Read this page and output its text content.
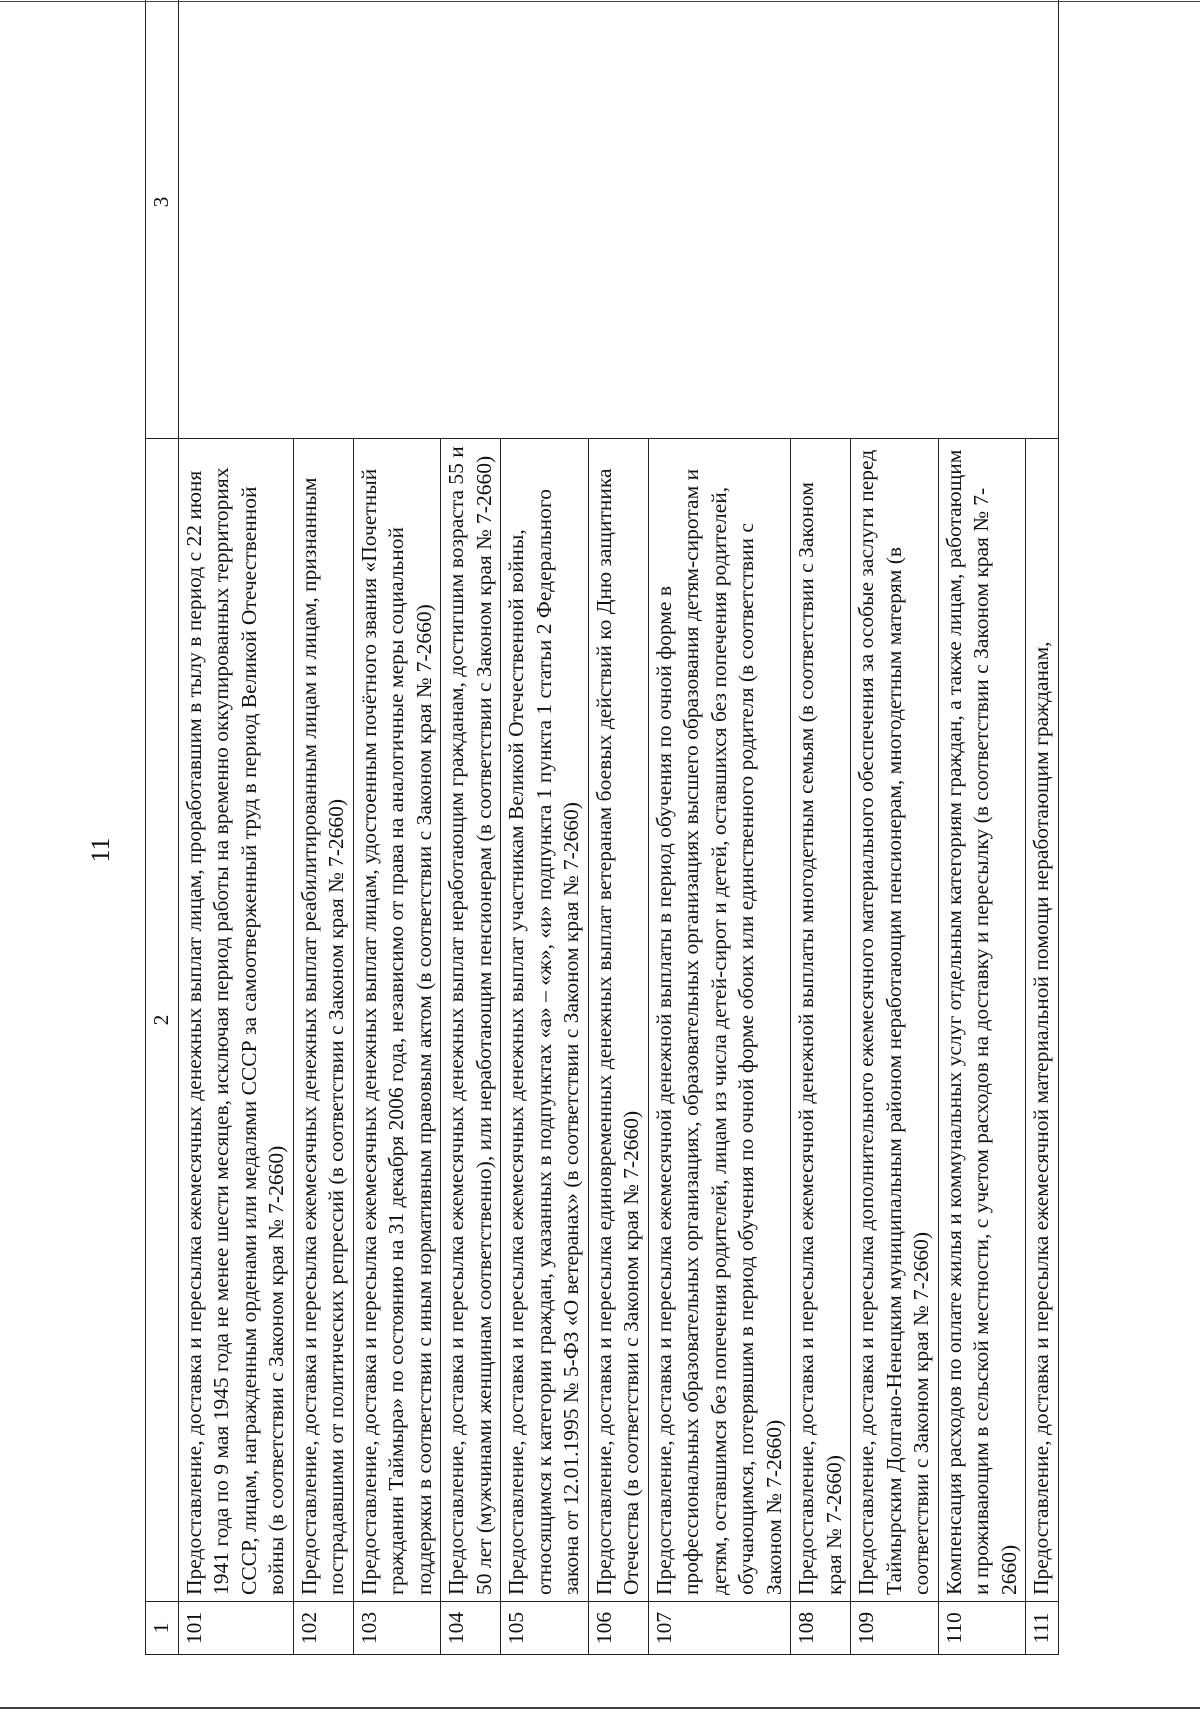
11
1	2	3
101	Предоставление, доставка и пересылка ежемесячных денежных выплат лицам, проработавшим в тылу в период с 22 июня 1941 года по 9 мая 1945 года не менее шести месяцев, исключая период работы на временно оккупированных территориях СССР, лицам, награжденным орденами или медалями СССР за самоотверженный труд в период Великой Отечественной войны (в соответствии с Законом края № 7-2660)	
102	Предоставление, доставка и пересылка ежемесячных денежных выплат реабилитированным лицам и лицам, признанным пострадавшими от политических репрессий (в соответствии с Законом края № 7-2660)	
103	Предоставление, доставка и пересылка ежемесячных денежных выплат лицам, удостоенным почётного звания «Почетный гражданин Таймыра» по состоянию на 31 декабря 2006 года, независимо от права на аналогичные меры социальной поддержки в соответствии с иным нормативным правовым актом (в соответствии с Законом края № 7-2660)	
104	Предоставление, доставка и пересылка ежемесячных денежных выплат неработающим гражданам, достигшим возраста 55 и 50 лет (мужчинами женщинам соответственно), или неработающим пенсионерам (в соответствии с Законом края № 7-2660)	
105	Предоставление, доставка и пересылка ежемесячных денежных выплат участникам Великой Отечественной войны, относящимся к категории граждан, указанных в подпунктах «а» – «ж», «и» подпункта 1 пункта 1 статьи 2 Федерального закона от 12.01.1995 № 5-ФЗ «О ветеранах» (в соответствии с Законом края № 7-2660)	
106	Предоставление, доставка и пересылка единовременных денежных выплат ветеранам боевых действий ко Дню защитника Отечества (в соответствии с Законом края № 7-2660)	
107	Предоставление, доставка и пересылка ежемесячной денежной выплаты в период обучения по очной форме в профессиональных образовательных организациях, образовательных организациях высшего образования детям-сиротам и детям, оставшимся без попечения родителей, лицам из числа детей-сирот и детей, оставшихся без попечения родителей, обучающимся, потерявшим в период обучения по очной форме обоих или единственного родителя (в соответствии с Законом № 7-2660)	
108	Предоставление, доставка и пересылка ежемесячной денежной выплаты многодетным семьям (в соответствии с Законом края № 7-2660)	
109	Предоставление, доставка и пересылка дополнительного ежемесячного материального обеспечения за особые заслуги перед Таймырским Долгано-Ненецким муниципальным районом неработающим пенсионерам, многодетным матерям (в соответствии с Законом края № 7-2660)	
110	Компенсация расходов по оплате жилья и коммунальных услуг отдельным категориям граждан, а также лицам, работающим и проживающим в сельской местности, с учетом расходов на доставку и пересылку (в соответствии с Законом края № 7-2660)	
111	Предоставление, доставка и пересылка ежемесячной материальной помощи неработающим гражданам,	
